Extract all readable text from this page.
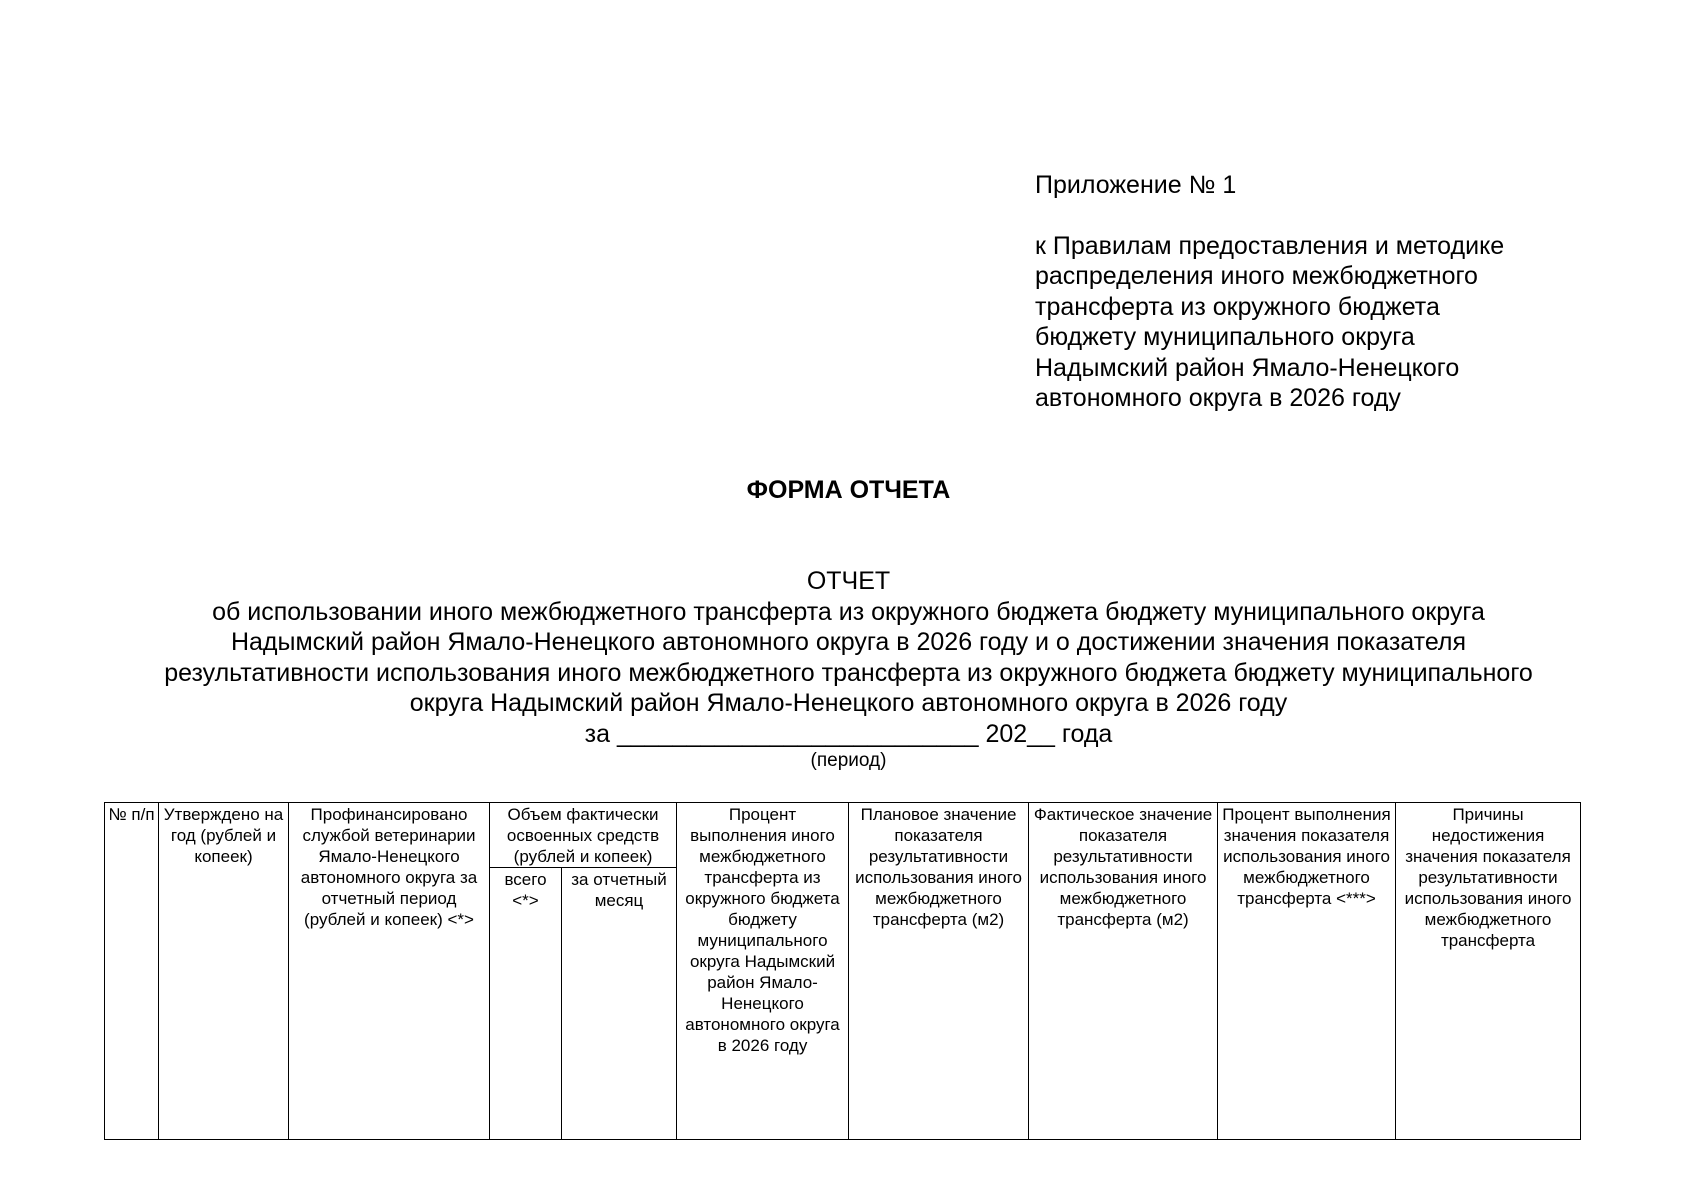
Приложение № 1
к Правилам предоставления и методике
распределения иного межбюджетного
трансферта из окружного бюджета
бюджету муниципального округа
Надымский район Ямало-Ненецкого
автономного округа в 2026 году
ФОРМА ОТЧЕТА
ОТЧЕТ
об использовании иного межбюджетного трансферта из окружного бюджета бюджету муниципального округа
Надымский район Ямало-Ненецкого автономного округа в 2026 году и о достижении значения показателя
результативности использования иного межбюджетного трансферта из окружного бюджета бюджету муниципального
округа Надымский район Ямало-Ненецкого автономного округа в 2026 году
за __________________________ 202__ года
(период)
№ п/п	Утверждено на год (рублей и копеек)	Профинансировано службой ветеринарии Ямало-Ненецкого автономного округа за отчетный период (рублей и копеек) <*>	Объем фактически освоенных средств (рублей и копеек)		Процент выполнения иного межбюджетного трансферта из окружного бюджета бюджету муниципального округа Надымский район Ямало-Ненецкого автономного округа в 2026 году	Плановое значение показателя результативности использования иного межбюджетного трансферта (м2)	Фактическое значение показателя результативности использования иного межбюджетного трансферта (м2)	Процент выполнения значения показателя использования иного межбюджетного трансферта <***>	Причины недостижения значения показателя результативности использования иного межбюджетного трансферта
			всего <*>	за отчетный месяц					
